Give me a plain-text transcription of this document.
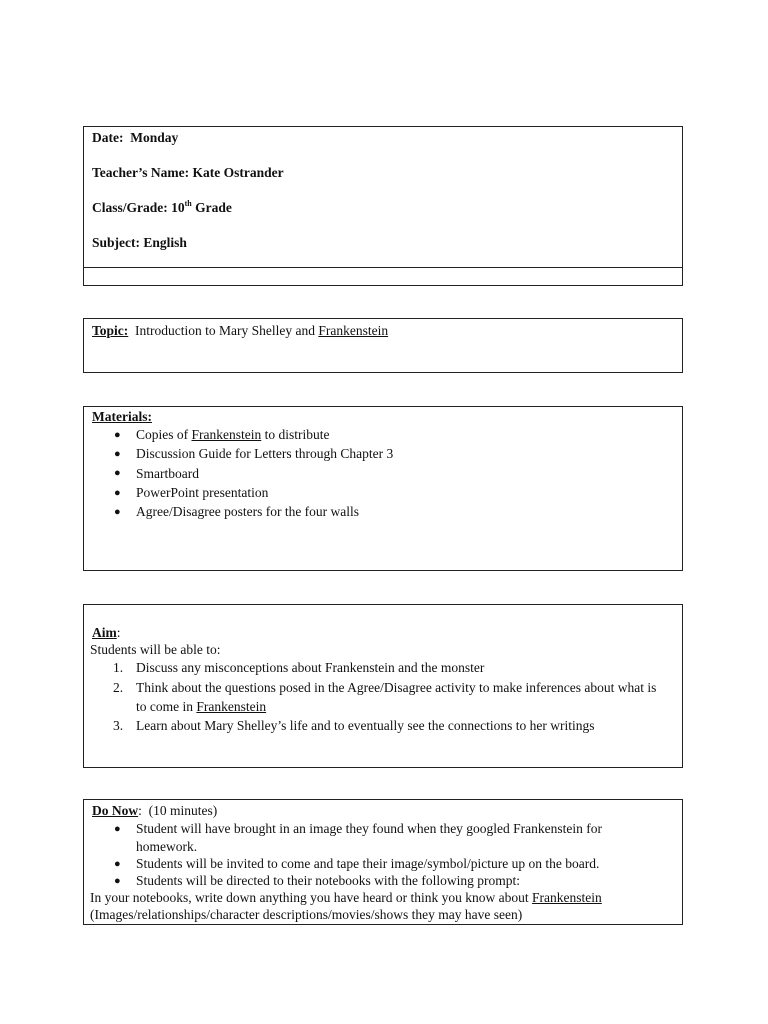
Date: Monday
Teacher’s Name: Kate Ostrander
Class/Grade: 10th Grade
Subject: English
Topic: Introduction to Mary Shelley and Frankenstein
Materials:
● Copies of Frankenstein to distribute
● Discussion Guide for Letters through Chapter 3
● Smartboard
● PowerPoint presentation
● Agree/Disagree posters for the four walls
Aim:
Students will be able to:
1. Discuss any misconceptions about Frankenstein and the monster
2. Think about the questions posed in the Agree/Disagree activity to make inferences about what is
to come in Frankenstein
3. Learn about Mary Shelley’s life and to eventually see the connections to her writings
Do Now: (10 minutes)
● Student will have brought in an image they found when they googled Frankenstein for
homework.
● Students will be invited to come and tape their image/symbol/picture up on the board.
● Students will be directed to their notebooks with the following prompt:
In your notebooks, write down anything you have heard or think you know about Frankenstein
(Images/relationships/character descriptions/movies/shows they may have seen)
